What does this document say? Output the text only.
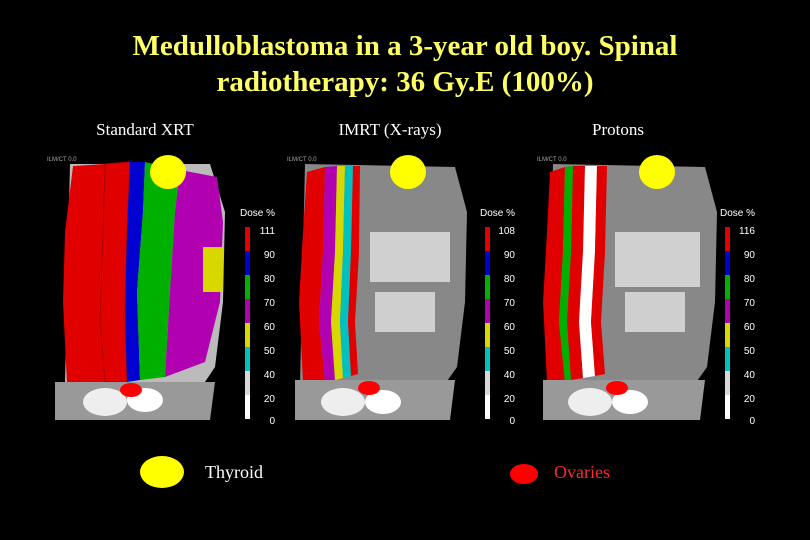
Medulloblastoma in a 3-year old boy. Spinal
radiotherapy: 36 Gy.E (100%)
Standard XRT	IMRT (X-rays)	Protons
ILM/CT 0.0
Dose %
111
90
80
70
60
50
40
20
0
ILM/CT 0.0
Dose %
108
90
80
70
60
50
40
20
0
ILM/CT 0.0
Dose %
116
90
80
70
60
50
40
20
0
Thyroid	Ovaries
